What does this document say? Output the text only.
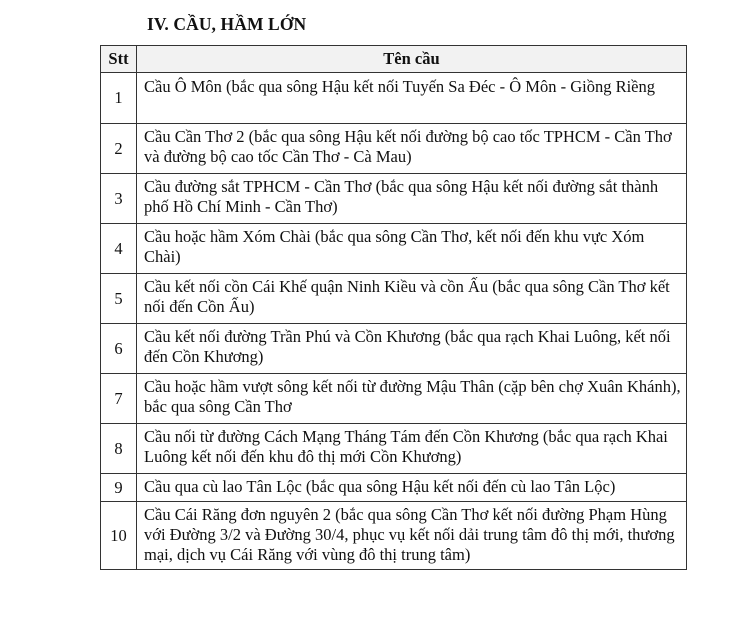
IV. CẦU, HẦM LỚN
Stt	Tên cầu
1	Cầu Ô Môn (bắc qua sông Hậu kết nối Tuyến Sa Đéc - Ô Môn - Giồng Riềng
2	Cầu Cần Thơ 2 (bắc qua sông Hậu kết nối đường bộ cao tốc TPHCM - Cần Thơ và đường bộ cao tốc Cần Thơ - Cà Mau)
3	Cầu đường sắt TPHCM - Cần Thơ (bắc qua sông Hậu kết nối đường sắt thành phố Hồ Chí Minh - Cần Thơ)
4	Cầu hoặc hầm Xóm Chài (bắc qua sông Cần Thơ, kết nối đến khu vực Xóm Chài)
5	Cầu kết nối cồn Cái Khế quận Ninh Kiều và cồn Ấu (bắc qua sông Cần Thơ kết nối đến Cồn Ấu)
6	Cầu kết nối đường Trần Phú và Cồn Khương (bắc qua rạch Khai Luông, kết nối đến Cồn Khương)
7	Cầu hoặc hầm vượt sông kết nối từ đường Mậu Thân (cặp bên chợ Xuân Khánh), bắc qua sông Cần Thơ
8	Cầu nối từ đường Cách Mạng Tháng Tám đến Cồn Khương (bắc qua rạch Khai Luông kết nối đến khu đô thị mới Cồn Khương)
9	Cầu qua cù lao Tân Lộc (bắc qua sông Hậu kết nối đến cù lao Tân Lộc)
10	Cầu Cái Răng đơn nguyên 2 (bắc qua sông Cần Thơ kết nối đường Phạm Hùng với Đường 3/2 và Đường 30/4, phục vụ kết nối dải trung tâm đô thị mới, thương mại, dịch vụ Cái Răng với vùng đô thị trung tâm)
